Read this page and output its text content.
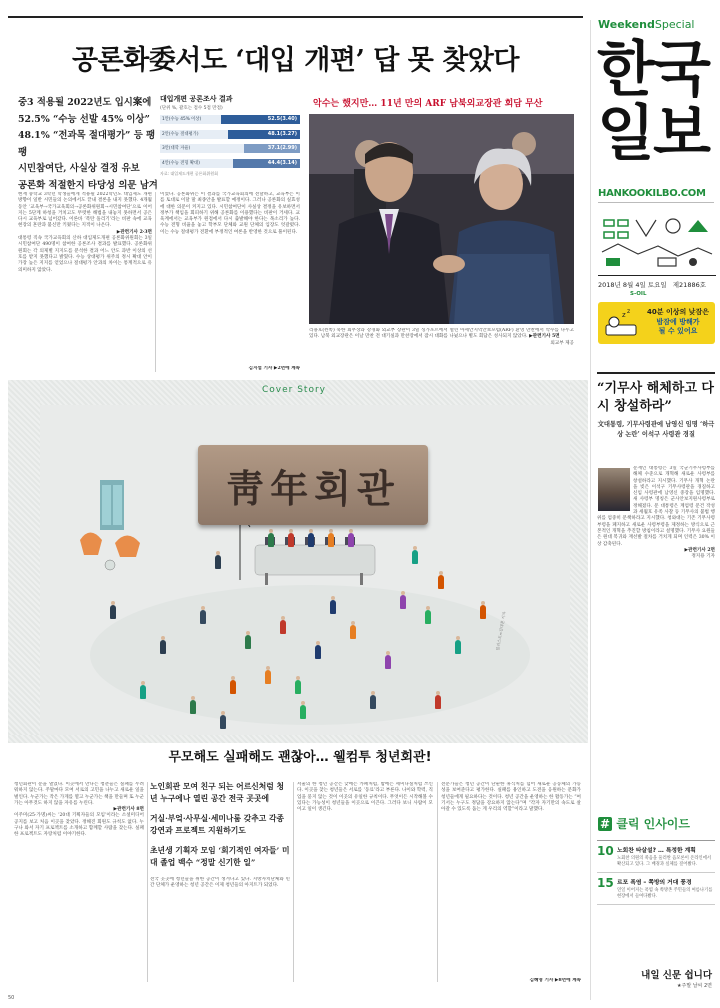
공론화委서도 ‘대입 개편’ 답 못 찾았다
중3 적용될 2022년도 입시案에
52.5% “수능 선발 45% 이상”
48.1% “전과목 절대평가” 등 팽팽
시민참여단, 사실상 결정 유보
공론화 적절한지 타당성 의문 남겨
대입개편 공론조사 결과
(단위 %, 괄호는 점수 5점 만점)
1안(수능 45% 이상)	52.5(3.40)
2안(수능 절대평가)	48.1(3.27)
3안(대학 자율)	37.1(2.99)
4안(수능 전형 확대)	44.4(3.14)
자료: 대입제도개편 공론화위원회
악수는 했지만… 11년 만의 ARF 남북외교장관 회담 무산
리용호(왼쪽) 북한 외무상과 강경화 외교부 장관이 3일 싱가포르에서 열린 아세안지역안보포럼(ARF) 환영 만찬에서 악수를 나누고 있다. 남북 외교장관은 이날 만찬 전 대기실과 만찬장에서 잠시 대화를 나눴으나 별도 회담은 성사되지 않았다. ▶관련기사 5면
외교부 제공

현재 중학교 3학년 학생들에게 적용될 2022학년도 대입제도 개편 방향이 일반 시민들의 논의에서도 끝내 결론을 내지 못했다. 4개월 동안 ‘교육부→국가교육회의→공론화위원회→시민참여단’으로 이어지는 5단계 하청을 거치고도 뚜렷한 해법을 내놓지 못하면서 공은 다시 교육부로 넘어갔다. 이른바 ‘폭탄 돌리기’라는 비판 속에 교육 현장의 혼란과 불신만 키웠다는 지적이 나온다.

▶관련기사 2·3면

대통령 직속 국가교육회의 산하 대입제도개편 공론화위원회는 3일 시민참여단 490명이 참여한 공론조사 결과를 발표했다. 공론화위원회는 각 의제별 지지도를 분석한 결과 어느 안도 과반 이상의 선호를 받지 못했다고 밝혔다. 수능 상대평가 위주의 정시 확대 안이 가장 높은 지지를 얻었으나 절대평가 안과의 차이는 통계적으로 유의미하지 않았다.

이었다. 공론화위는 이 결과를 국가교육회의에 전달하고, 교육부는 이를 토대로 이달 말 최종안을 발표할 예정이다. 그러나 공론화의 실효성에 대한 의문이 커지고 있다. 시민참여단이 사실상 결정을 유보하면서 정부가 책임을 회피하기 위해 공론화를 이용했다는 비판이 거세다. 교육계에서는 교육부가 원점에서 다시 출발해야 한다는 목소리가 높다. 수능 전형 비율을 놓고 학부모 단체와 교원 단체의 입장도 엇갈렸다. 이는 수능 절대평가 전환에 부정적인 여론을 반영한 것으로 풀이된다.

김지섭 기자 ▶2면에 계속
WeekendSpecial
한국
일보
HANKOOKILBO.COM
2018년 8월 4일 토요일 제21886호
S-OIL
z z 40분 이상의 낮잠은
밤잠에 방해가
될 수 있어요
“기무사 해체하고 다시 창설하라”
文대통령, 기무사령관에 남영신 임명 ‘하극상 논란’ 이석구 사령관 경질

문재인 대통령은 3일 국군기무사령부를 해체 수준으로 개혁해 새로운 사령부를 창설하라고 지시했다. 기무사 개혁 논란을 빚은 이석구 기무사령관을 경질하고 신임 사령관에 남영신 중장을 임명했다. 새 사령부 명칭은 군사안보지원사령부로 정해졌다. 문 대통령은 계엄령 문건 작성과 세월호 유족 사찰 등 기무사의 불법 행위를 엄중히 문책하라고 지시했다. 청와대는 기존 기무사령부령을 폐지하고 새로운 사령부령을 제정하는 방식으로 근본적인 개혁을 추진할 방침이라고 설명했다. 기무사 요원들은 원대 복귀와 재선발 절차를 거치게 되며 인력은 30% 이상 감축된다.

▶관련기사 2면

정지용 기자

# 클릭 인사이드
10 노회찬 타살설? … 특정한 계획
노회찬 의원의 죽음을 둘러싼 음모론이 온라인에서 확산되고 있다. 그 배경과 실체를 짚어봤다.
15 르포 폭염 – 쪽방의 거대 풍경
연일 이어지는 폭염 속 쪽방촌 주민들의 여름나기를 현장에서 들여다봤다.
내일 신문 쉽니다
★주말 날씨 2면
Cover Story
일러스트=김대훈 기자
靑年회관
무모해도 실패해도 괜찮아… 웰컴투 청년회관!

청년회관이 문을 열었다. 이곳에서 만나는 청춘들은 실패를 두려워하지 않는다. 주말마다 모여 서로의 고민을 나누고 새로운 일을 벌인다. 누군가는 작은 가게를 열고 누군가는 책을 만들며 또 누군가는 아무것도 하지 않을 자유를 누린다.

▶관련기사 8면

이주미(25·가명)씨는 ‘20대 기획자들의 모임’이라는 소셜미디어 공지를 보고 처음 이곳을 찾았다. 정해진 회원도 규칙도 없다. 누구나 와서 자기 프로젝트를 소개하고 함께할 사람을 찾는다. 실패한 프로젝트도 자랑처럼 이야기한다.

노인회관 모여 친구 되는 어르신처럼 청년 누구에나 열린 공간 전국 곳곳에
거실·부엌·사무실·세미나룸 갖추고 각종 강연과 프로젝트 지원하기도
초년생 기획자 모임 ‘회기적인 여자들’ 미대 졸업 백수 “정말 신기한 일”
전국 곳곳에 청년들을 위한 공간이 생겨나고 있다. 지방자치단체와 민간 단체가 운영하는 청년 공간은 이제 청년들의 아지트가 되었다.

서울의 한 청년 공간은 낮에는 카페처럼, 밤에는 세미나실처럼 쓰인다. 이곳을 찾는 청년들은 서로를 ‘동료’라고 부른다. 나이와 학력, 직업을 묻지 않는 것이 이곳의 유일한 규칙이다. 무엇이든 시작해볼 수 있다는 가능성이 청년들을 이곳으로 이끈다. 그러다 보니 사람이 모이고 일이 생긴다.

전문가들은 청년 공간이 단순한 휴식처를 넘어 새로운 공동체의 가능성을 보여준다고 평가한다. 실패를 용인하고 도전을 응원하는 문화가 청년들에게 필요하다는 것이다. 청년 공간을 운영하는 한 활동가는 “여기서는 누구도 정답을 강요하지 않는다”며 “각자 자기만의 속도로 살아갈 수 있도록 돕는 게 우리의 역할”이라고 말했다.

김혜영 기자 ▶8면에 계속
50
